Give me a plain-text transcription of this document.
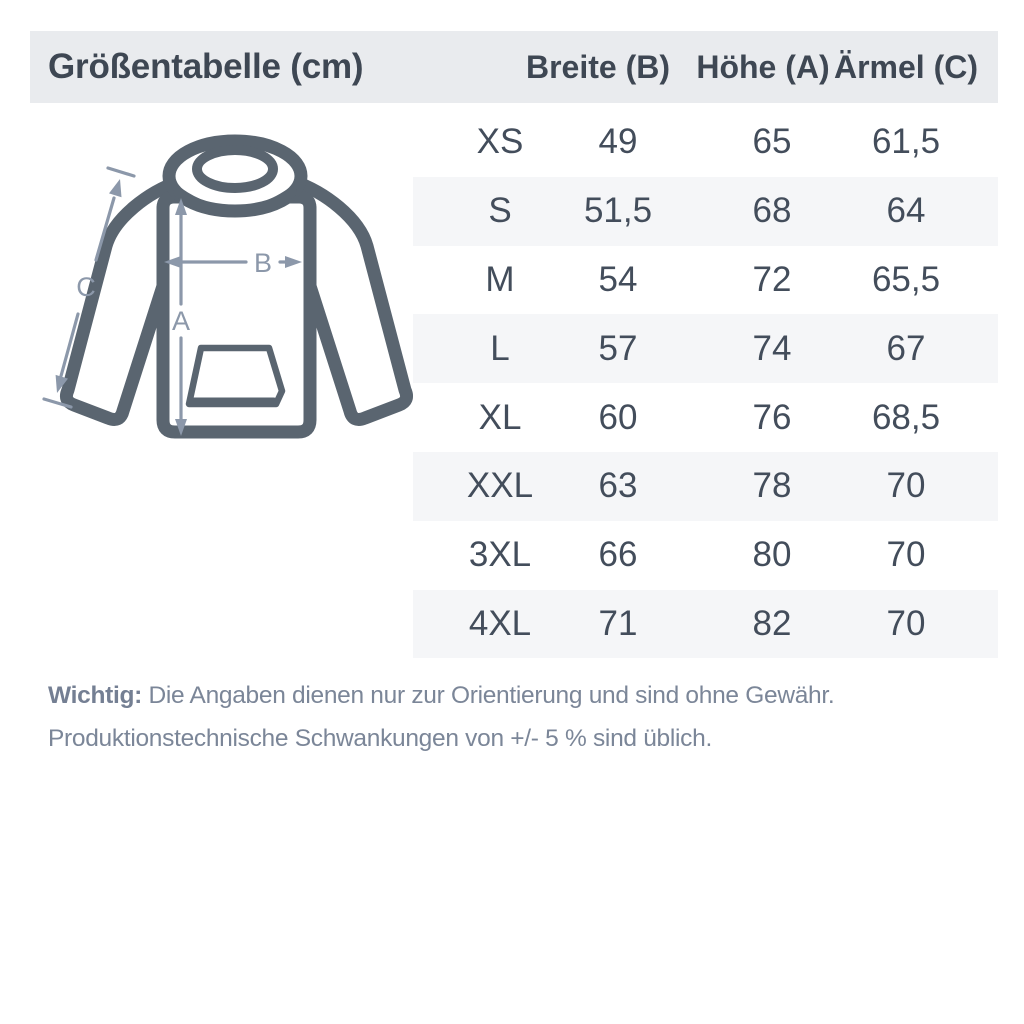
Größentabelle (cm)	Breite (B) Höhe (A) Ärmel (C)
A
B
C
XS 49	65 61,5
S 51,5	68	64
M 54	72 65,5
L	57	74	67
XL 60	76 68,5
XXL 63	78	70
3XL 66	80	70
4XL 71	82	70
Wichtig: Die Angaben dienen nur zur Orientierung und sind ohne Gewähr.
Produktionstechnische Schwankungen von +/- 5 % sind üblich.
